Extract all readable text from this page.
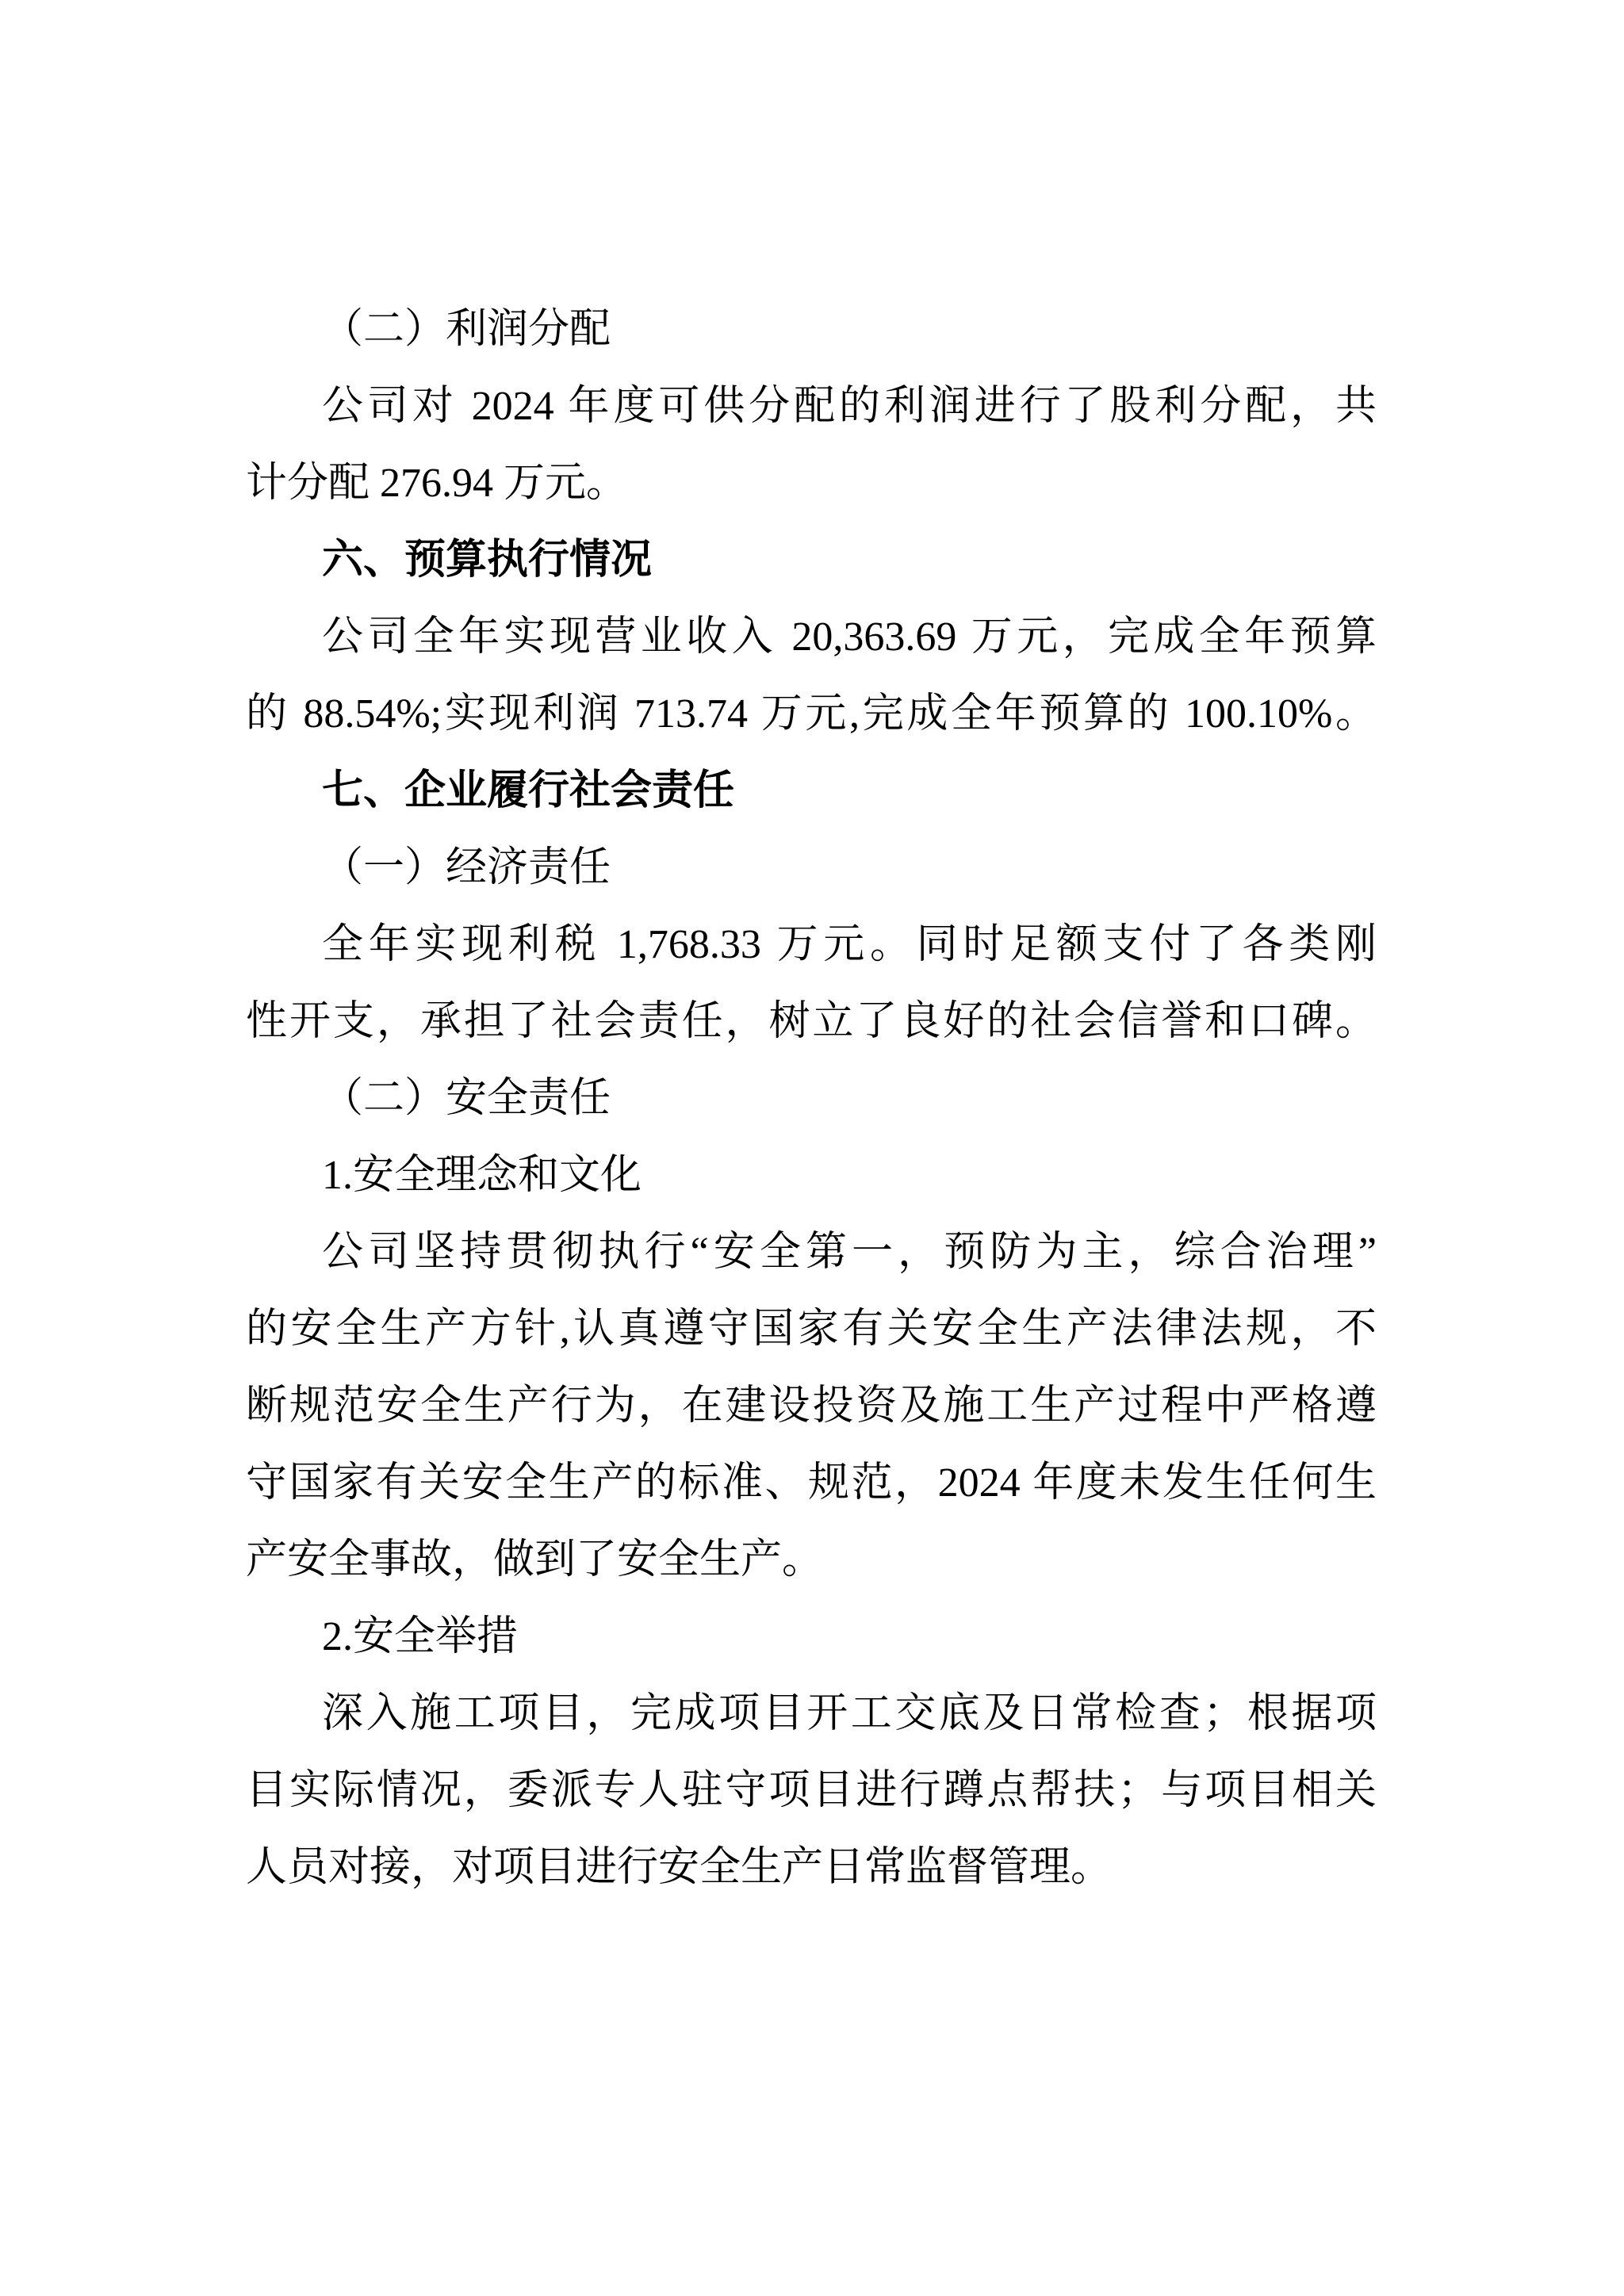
（二）利润分配
公司对 2024 年度可供分配的利润进行了股利分配，共
计分配 276.94 万元。
六、预算执行情况
公司全年实现营业收入 20,363.69 万元，完成全年预算
的 88.54%;实现利润 713.74 万元,完成全年预算的 100.10%。
七、企业履行社会责任
（一）经济责任
全年实现利税 1,768.33 万元。同时足额支付了各类刚
性开支，承担了社会责任，树立了良好的社会信誉和口碑。
（二）安全责任
1.安全理念和文化
公司坚持贯彻执行“安全第一，预防为主，综合治理”
的安全生产方针,认真遵守国家有关安全生产法律法规，不
断规范安全生产行为，在建设投资及施工生产过程中严格遵
守国家有关安全生产的标准、规范，2024 年度未发生任何生
产安全事故，做到了安全生产。
2.安全举措
深入施工项目，完成项目开工交底及日常检查；根据项
目实际情况，委派专人驻守项目进行蹲点帮扶；与项目相关
人员对接，对项目进行安全生产日常监督管理。
